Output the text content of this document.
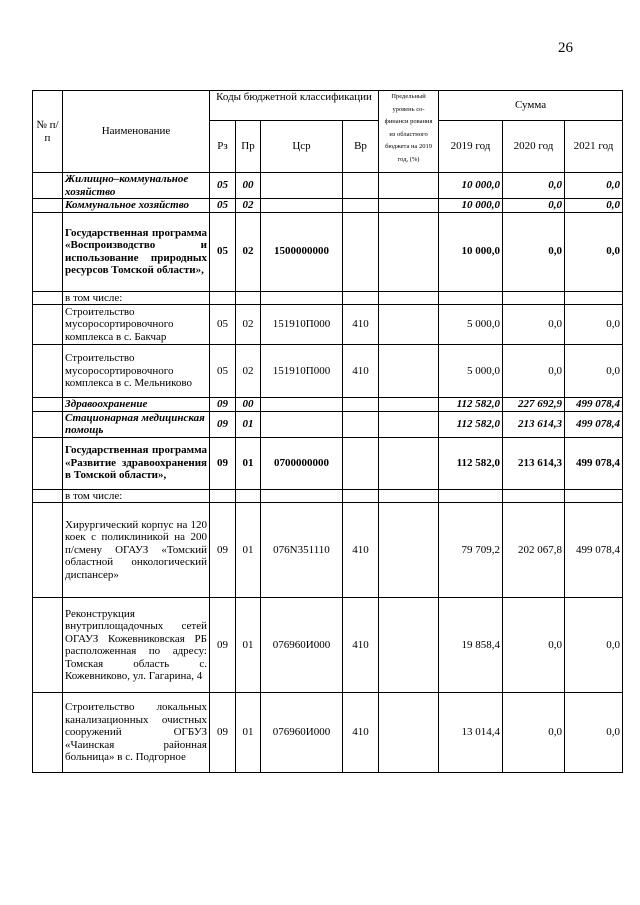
26
№ п/п	Наименование	Коды бюджетной классификации				Предельный уровень со-финанси рования из областного бюджета на 2019 год, (%)	Сумма		
		Рз	Пр	Цср	Вр		2019 год	2020 год	2021 год
	Жилищно–коммунальное хозяйство	05	00				10 000,0	0,0	0,0
	Коммунальное хозяйство	05	02				10 000,0	0,0	0,0
	Государственная программа «Воспроизводство и использование природных ресурсов Томской области»,	05	02	1500000000			10 000,0	0,0	0,0
	в том числе:								
	Строительство мусоросортировочного комплекса в с. Бакчар	05	02	151910П000	410		5 000,0	0,0	0,0
	Строительство мусоросортировочного комплекса в с. Мельниково	05	02	151910П000	410		5 000,0	0,0	0,0
	Здравоохранение	09	00				112 582,0	227 692,9	499 078,4
	Стационарная медицинская помощь	09	01				112 582,0	213 614,3	499 078,4
	Государственная программа «Развитие здравоохранения в Томской области»,	09	01	0700000000			112 582,0	213 614,3	499 078,4
	в том числе:								
	Хирургический корпус на 120 коек с поликлиникой на 200 п/смену ОГАУЗ «Томский областной онкологический диспансер»	09	01	076N351110	410		79 709,2	202 067,8	499 078,4
	Реконструкция внутриплощадочных сетей ОГАУЗ Кожевниковская РБ расположенная по адресу: Томская область с. Кожевниково, ул. Гагарина, 4	09	01	076960И000	410		19 858,4	0,0	0,0
	Строительство локальных канализационных очистных сооружений ОГБУЗ «Чаинская районная больница» в с. Подгорное	09	01	076960И000	410		13 014,4	0,0	0,0
